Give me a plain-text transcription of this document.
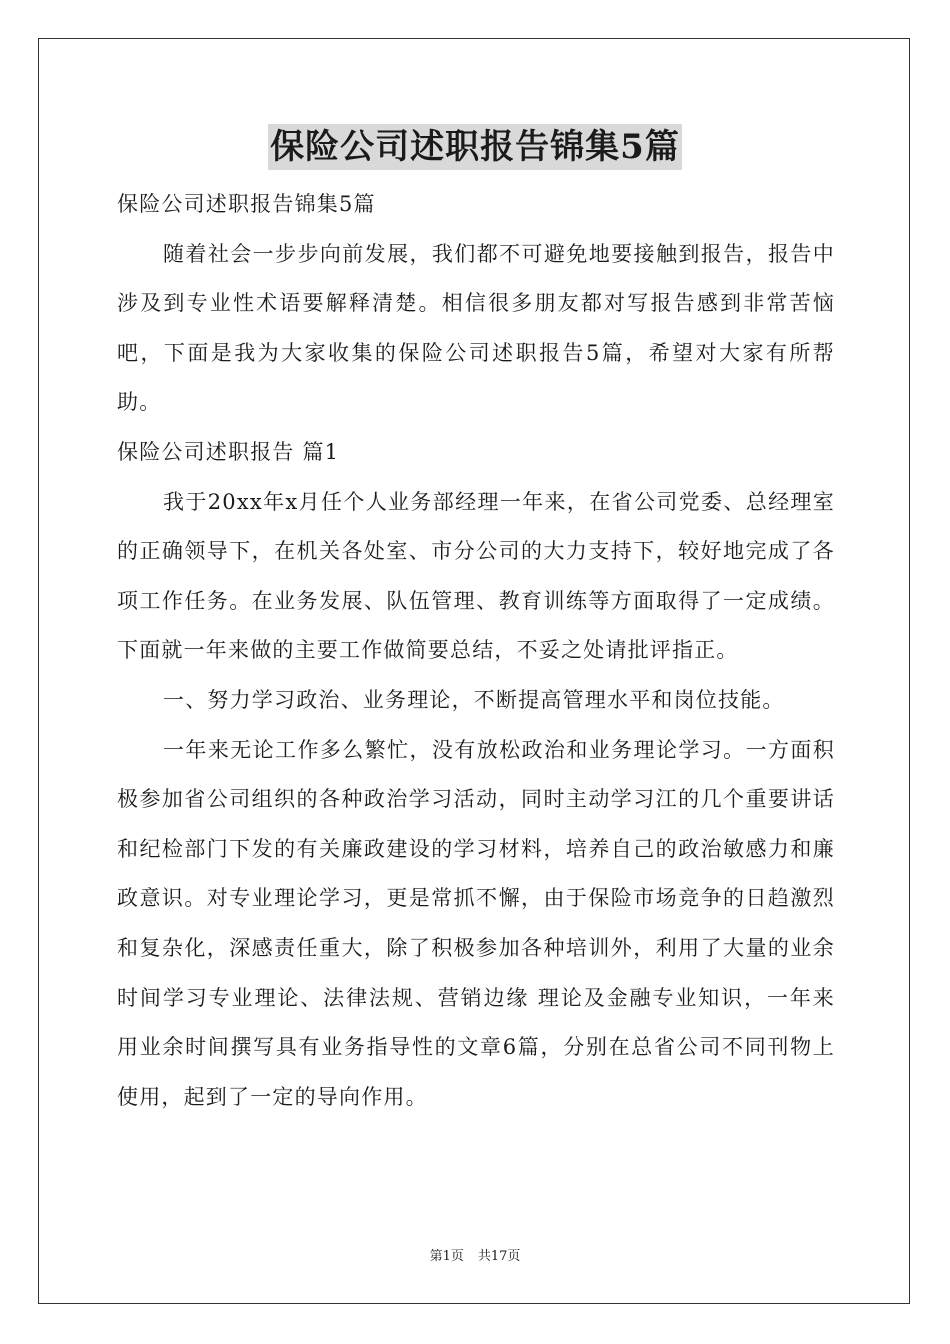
保险公司述职报告锦集5篇

保险公司述职报告锦集5篇

随着社会一步步向前发展，我们都不可避免地要接触到报告，报告中涉及到专业性术语要解释清楚。相信很多朋友都对写报告感到非常苦恼吧，下面是我为大家收集的保险公司述职报告5篇，希望对大家有所帮助。

保险公司述职报告 篇1

我于20xx年x月任个人业务部经理一年来，在省公司党委、总经理室的正确领导下，在机关各处室、市分公司的大力支持下，较好地完成了各项工作任务。在业务发展、队伍管理、教育训练等方面取得了一定成绩。下面就一年来做的主要工作做简要总结，不妥之处请批评指正。

一、努力学习政治、业务理论，不断提高管理水平和岗位技能。

一年来无论工作多么繁忙，没有放松政治和业务理论学习。一方面积极参加省公司组织的各种政治学习活动，同时主动学习江的几个重要讲话和纪检部门下发的有关廉政建设的学习材料，培养自己的政治敏感力和廉政意识。对专业理论学习，更是常抓不懈，由于保险市场竞争的日趋激烈和复杂化，深感责任重大，除了积极参加各种培训外，利用了大量的业余时间学习专业理论、法律法规、营销边缘 理论及金融专业知识，一年来用业余时间撰写具有业务指导性的文章6篇，分别在总省公司不同刊物上使用，起到了一定的导向作用。

第1页 共17页
